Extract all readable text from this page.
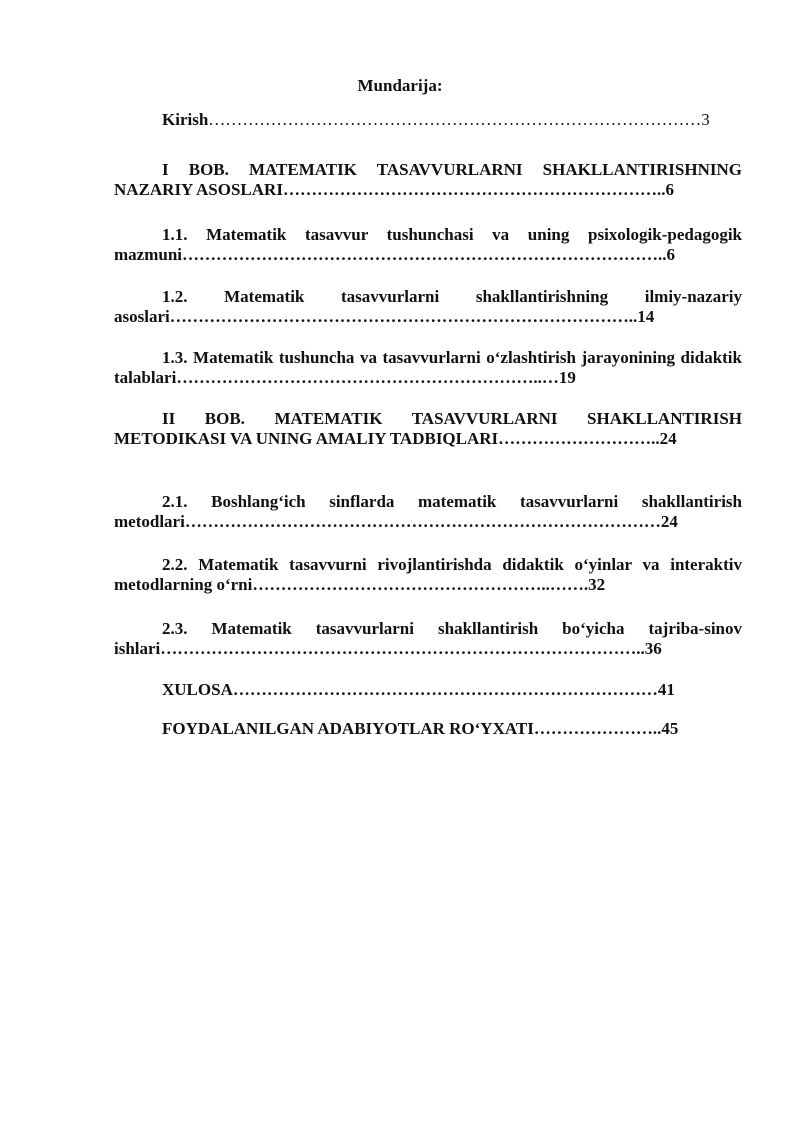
Mundarija:
Kirish……………………………………………………………………………3
I BOB. MATEMATIK TASAVVURLARNI SHAKLLANTIRISHNING NAZARIY ASOSLARI…………………………………………………………..6
1.1. Matematik tasavvur tushunchasi va uning psixologik-pedagogik mazmuni…………………………………………………………………………..6
1.2. Matematik tasavvurlarni shakllantirishning ilmiy-nazariy asoslari………………………………………………………………………..14
1.3. Matematik tushuncha va tasavvurlarni o‘zlashtirish jarayonining didaktik talablari………………………………………………………..…19
II BOB. MATEMATIK TASAVVURLARNI SHAKLLANTIRISH METODIKASI VA UNING AMALIY TADBIQLARI………………………..24
2.1. Boshlang‘ich sinflarda matematik tasavvurlarni shakllantirish metodlari…………………………………………………………………………24
2.2. Matematik tasavvurni rivojlantirishda didaktik o‘yinlar va interaktiv metodlarning o‘rni……………………………………………..…….32
2.3. Matematik tasavvurlarni shakllantirish bo‘yicha tajriba-sinov ishlari…………………………………………………………………………..36
XULOSA…………………………………………………………………41
FOYDALANILGAN ADABIYOTLAR RO‘YXATI…………………..45
